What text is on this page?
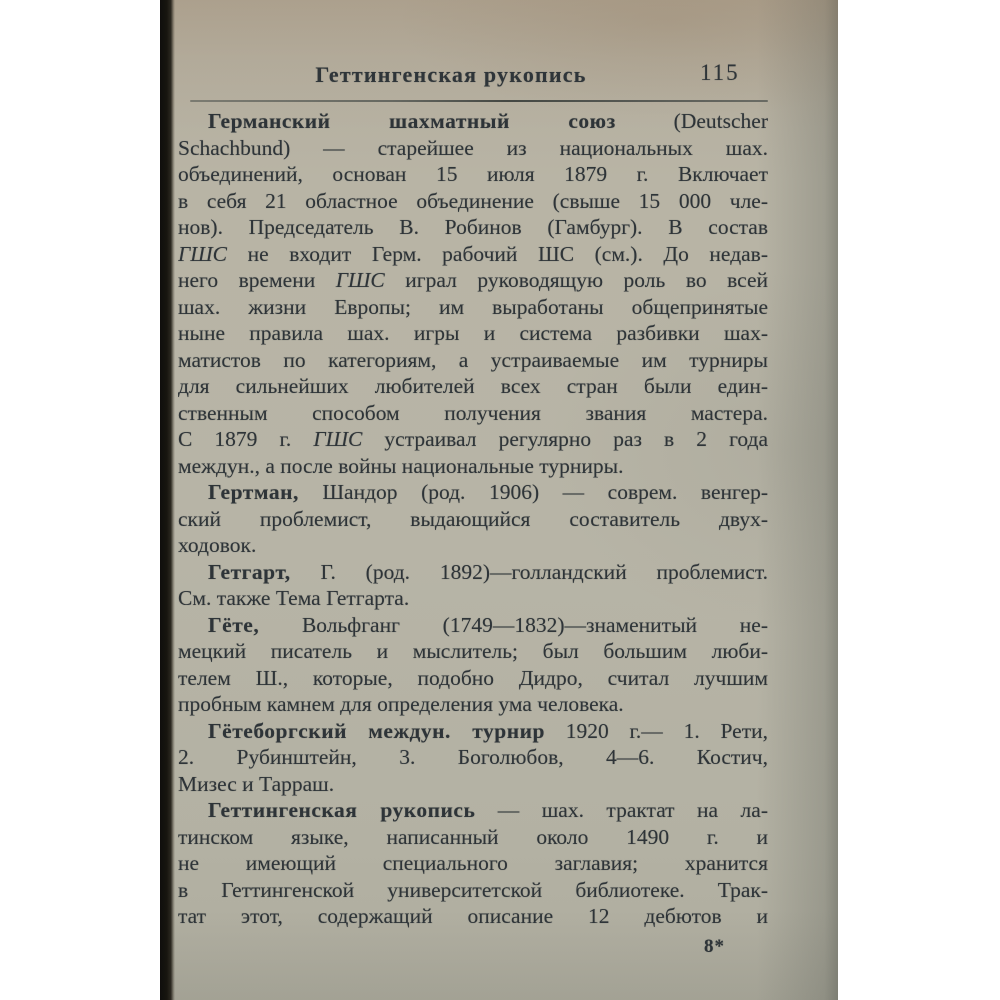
Геттингенская рукопись	115
Германский шахматный союз (Deutscher
Schachbund) — старейшее из национальных шах.
объединений, основан 15 июля 1879 г. Включает
в себя 21 областное объединение (свыше 15 000 чле-
нов). Председатель В. Робинов (Гамбург). В состав
ГШС не входит Герм. рабочий ШС (см.). До недав-
него времени ГШС играл руководящую роль во всей
шах. жизни Европы; им выработаны общепринятые
ныне правила шах. игры и система разбивки шах-
матистов по категориям, а устраиваемые им турниры
для сильнейших любителей всех стран были един-
ственным способом получения звания мастера.
С 1879 г. ГШС устраивал регулярно раз в 2 года
междун., а после войны национальные турниры.
Гертман, Шандор (род. 1906) — соврем. венгер-
ский проблемист, выдающийся составитель двух-
ходовок.
Гетгарт, Г. (род. 1892)—голландский проблемист.
См. также Тема Гетгарта.
Гёте, Вольфганг (1749—1832)—знаменитый не-
мецкий писатель и мыслитель; был большим люби-
телем Ш., которые, подобно Дидро, считал лучшим
пробным камнем для определения ума человека.
Гётеборгский междун. турнир 1920 г.— 1. Рети,
2. Рубинштейн, 3. Боголюбов, 4—6. Костич,
Мизес и Тарраш.
Геттингенская рукопись — шах. трактат на ла-
тинском языке, написанный около 1490 г. и
не имеющий специального заглавия; хранится
в Геттингенской университетской библиотеке. Трак-
тат этот, содержащий описание 12 дебютов и
8*
